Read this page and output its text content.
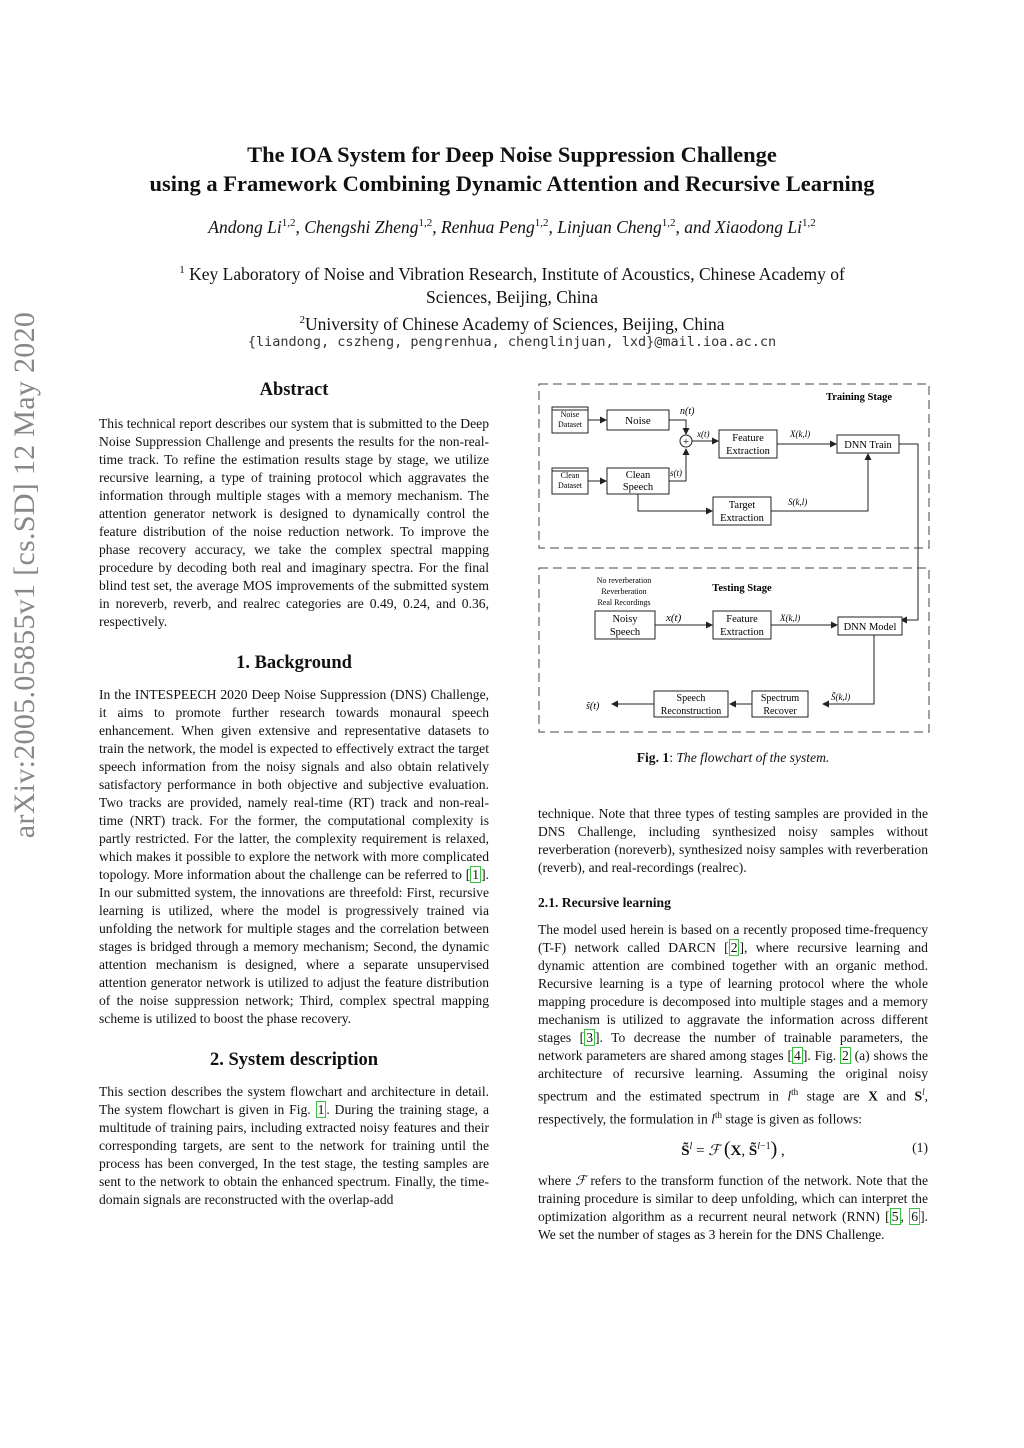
The IOA System for Deep Noise Suppression Challenge
using a Framework Combining Dynamic Attention and Recursive Learning
Andong Li$^{1,2}$, Chengshi Zheng$^{1,2}$, Renhua Peng$^{1,2}$, Linjuan Cheng$^{1,2}$, and Xiaodong Li$^{1,2}$
$^1$ Key Laboratory of Noise and Vibration Research, Institute of Acoustics, Chinese Academy of
Sciences, Beijing, China
$^2$University of Chinese Academy of Sciences, Beijing, China
{liandong, cszheng, pengrenhua, chenglinjuan, lxd}@mail.ioa.ac.cn
arXiv:2005.05855v1 [cs.SD] 12 May 2020	Abstract
This technical report describes our system that is submitted to the Deep Noise Suppression Challenge and presents the results for the non-real-time track. To refine the estimation results stage by stage, we utilize recursive learning, a type of training protocol which aggravates the information through multiple stages with a memory mechanism. The attention generator network is designed to dynamically control the feature distribution of the noise reduction network. To improve the phase recovery accuracy, we take the complex spectral mapping procedure by decoding both real and imaginary spectra. For the final blind test set, the average MOS improvements of the submitted system in noreverb, reverb, and realrec categories are 0.49, 0.24, and 0.36, respectively.
1. Background
In the INTESPEECH 2020 Deep Noise Suppression (DNS) Challenge, it aims to promote further research towards monaural speech enhancement. When given extensive and representative datasets to train the network, the model is expected to effectively extract the target speech information from the noisy signals and also obtain relatively satisfactory performance in both objective and subjective evaluation. Two tracks are provided, namely real-time (RT) track and non-real-time (NRT) track. For the former, the computational complexity is partly restricted. For the latter, the complexity requirement is relaxed, which makes it possible to explore the network with more complicated topology. More information about the challenge can be referred to [ 1 ]. In our submitted system, the innovations are threefold: First, recursive learning is utilized, where the model is progressively trained via unfolding the network for multiple stages and the correlation between stages is bridged through a memory mechanism; Second, the dynamic attention mechanism is designed, where a separate unsupervised attention generator network is utilized to adjust the feature distribution of the noise suppression network; Third, complex spectral mapping scheme is utilized to boost the phase recovery.
2. System description
This section describes the system flowchart and architecture in detail. The system flowchart is given in Fig. 1 . During the training stage, a multitude of training pairs, including extracted noisy features and their corresponding targets, are sent to the network for training until the process has been converged, In the test stage, the testing samples are sent to the network to obtain the enhanced spectrum. Finally, the time-domain signals are reconstructed with the overlap-add
Training Stage
Noise
Dataset	Noise
n(t)
+
x(t)
Clean
Dataset
Clean
Speech
s(t)
Feature
Extraction
X(k,l)
DNN Train
Target
Extraction
S(k,l)
Testing Stage
No reverberation
Reverberation
Real Recordings
Noisy
Speech
x(t)	Feature
Extraction
X(k,l)
DNN Model
S̃(k,l)
Spectrum
Recover
Speech
Reconstruction
s̃(t)
Fig. 1: The flowchart of the system.
technique. Note that three types of testing samples are provided in the DNS Challenge, including synthesized noisy samples without reverberation (noreverb), synthesized noisy samples with reverberation (reverb), and real-recordings (realrec).
2.1. Recursive learning
The model used herein is based on a recently proposed time-frequency (T-F) network called DARCN [ 2 ], where recursive learning and dynamic attention are combined together with an organic method. Recursive learning is a type of learning protocol where the whole mapping procedure is decomposed into multiple stages and a memory mechanism is utilized to aggravate the information across different stages [ 3 ]. To decrease the number of trainable parameters, the network parameters are shared among stages [ 4 ]. Fig. 2 (a) shows the architecture of recursive learning. Assuming the original noisy spectrum and the estimated spectrum in $l^{th}$ stage are X and $S^l$, respectively, the formulation in $l^{th}$ stage is given as follows:
S̃$^l$ = ℱ (X, S̃$^{l-1}$) ,	(1)
where ℱ refers to the transform function of the network. Note that the training procedure is similar to deep unfolding, which can interpret the optimization algorithm as a recurrent neural network (RNN) [ 5 , 6 ]. We set the number of stages as 3 herein for the DNS Challenge.
